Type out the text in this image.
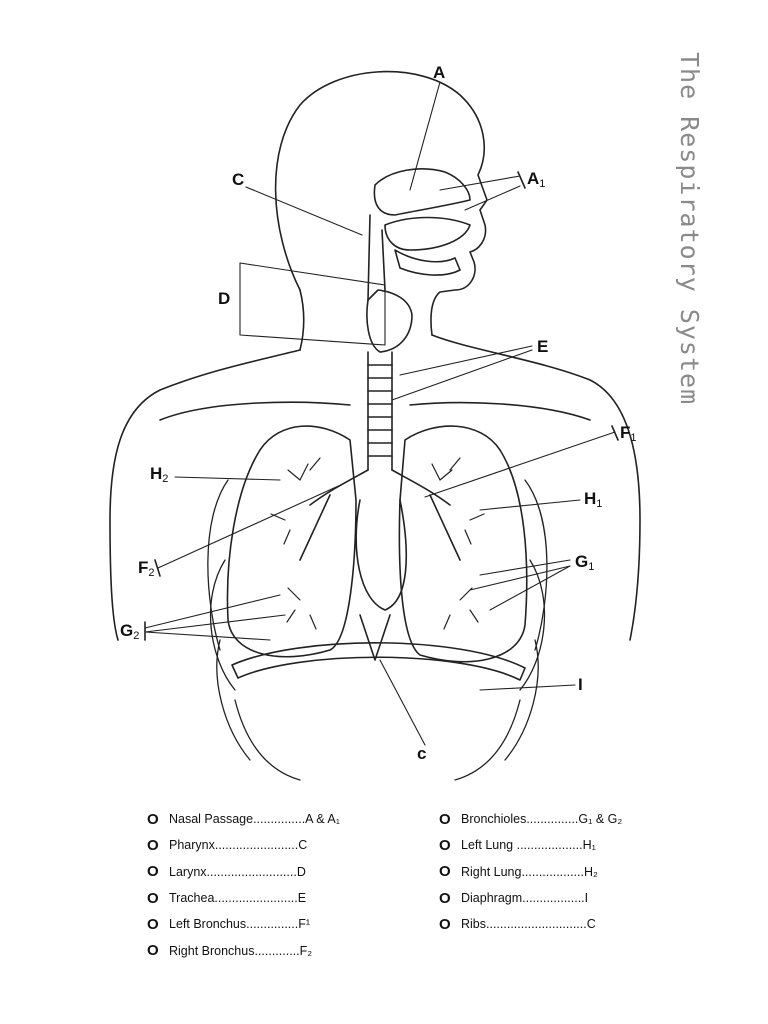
The Respiratory System
A
$A_1$
C
D
E
$F_1$
$H_2$
$H_1$
$G_1$
$F_2$
$G_2$
I
c
O Nasal Passage...............A & A₁
O Pharynx........................C
O Larynx..........................D
O Trachea........................E
O Left Bronchus...............F¹
O Right Bronchus.............F₂
O Bronchioles...............G₁ & G₂
O Left Lung ...................H₁
O Right Lung..................H₂
O Diaphragm..................I
O Ribs.............................C
